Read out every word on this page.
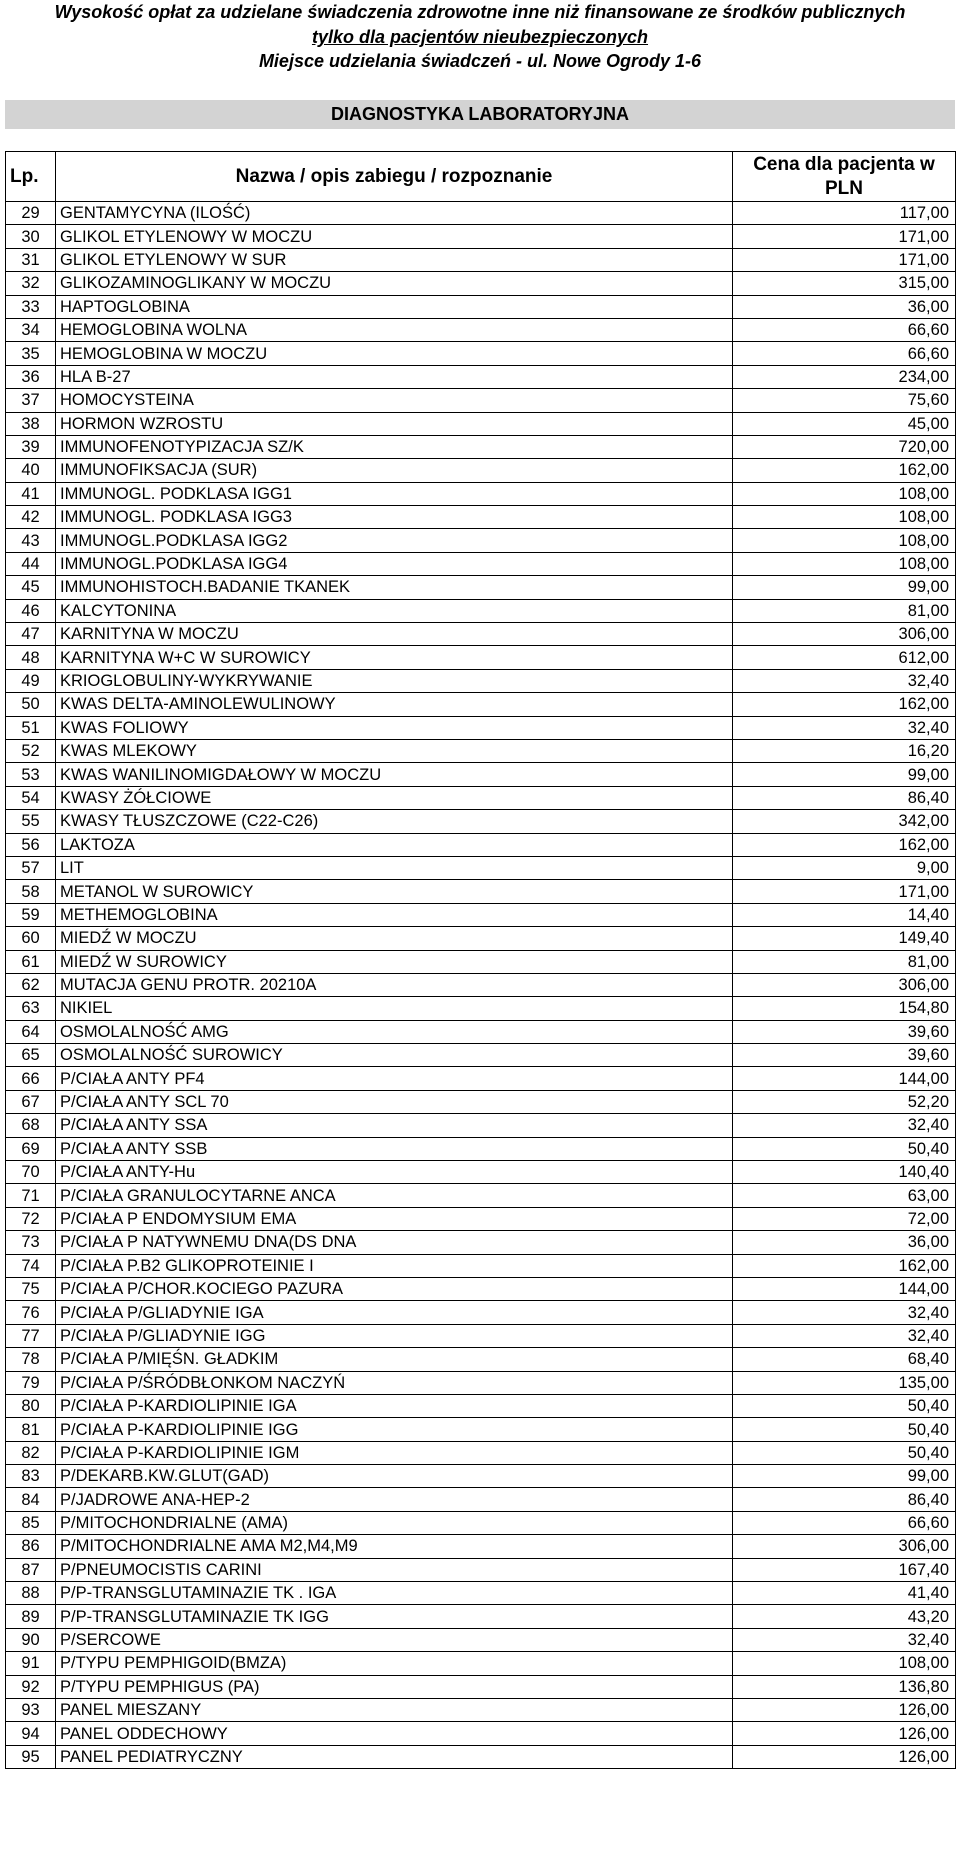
Wysokość opłat za udzielane świadczenia zdrowotne inne niż finansowane ze środków publicznych
tylko dla pacjentów nieubezpieczonych
Miejsce udzielania świadczeń - ul. Nowe Ogrody 1-6
DIAGNOSTYKA LABORATORYJNA
Lp.	Nazwa / opis zabiegu / rozpoznanie	Cena dla pacjenta w
PLN
29	GENTAMYCYNA (ILOŚĆ)	117,00
30	GLIKOL ETYLENOWY W MOCZU	171,00
31	GLIKOL ETYLENOWY W SUR	171,00
32	GLIKOZAMINOGLIKANY W MOCZU	315,00
33	HAPTOGLOBINA	36,00
34	HEMOGLOBINA WOLNA	66,60
35	HEMOGLOBINA W MOCZU	66,60
36	HLA B-27	234,00
37	HOMOCYSTEINA	75,60
38	HORMON WZROSTU	45,00
39	IMMUNOFENOTYPIZACJA SZ/K	720,00
40	IMMUNOFIKSACJA (SUR)	162,00
41	IMMUNOGL. PODKLASA IGG1	108,00
42	IMMUNOGL. PODKLASA IGG3	108,00
43	IMMUNOGL.PODKLASA IGG2	108,00
44	IMMUNOGL.PODKLASA IGG4	108,00
45	IMMUNOHISTOCH.BADANIE TKANEK	99,00
46	KALCYTONINA	81,00
47	KARNITYNA W MOCZU	306,00
48	KARNITYNA W+C W SUROWICY	612,00
49	KRIOGLOBULINY-WYKRYWANIE	32,40
50	KWAS DELTA-AMINOLEWULINOWY	162,00
51	KWAS FOLIOWY	32,40
52	KWAS MLEKOWY	16,20
53	KWAS WANILINOMIGDAŁOWY W MOCZU	99,00
54	KWASY ŻÓŁCIOWE	86,40
55	KWASY TŁUSZCZOWE (C22-C26)	342,00
56	LAKTOZA	162,00
57	LIT	9,00
58	METANOL W SUROWICY	171,00
59	METHEMOGLOBINA	14,40
60	MIEDŹ W MOCZU	149,40
61	MIEDŹ W SUROWICY	81,00
62	MUTACJA GENU PROTR. 20210A	306,00
63	NIKIEL	154,80
64	OSMOLALNOŚĆ AMG	39,60
65	OSMOLALNOŚĆ SUROWICY	39,60
66	P/CIAŁA ANTY PF4	144,00
67	P/CIAŁA ANTY SCL 70	52,20
68	P/CIAŁA ANTY SSA	32,40
69	P/CIAŁA ANTY SSB	50,40
70	P/CIAŁA ANTY-Hu	140,40
71	P/CIAŁA GRANULOCYTARNE ANCA	63,00
72	P/CIAŁA P ENDOMYSIUM EMA	72,00
73	P/CIAŁA P NATYWNEMU DNA(DS DNA	36,00
74	P/CIAŁA P.B2 GLIKOPROTEINIE I	162,00
75	P/CIAŁA P/CHOR.KOCIEGO PAZURA	144,00
76	P/CIAŁA P/GLIADYNIE IGA	32,40
77	P/CIAŁA P/GLIADYNIE IGG	32,40
78	P/CIAŁA P/MIĘŚN. GŁADKIM	68,40
79	P/CIAŁA P/ŚRÓDBŁONKOM NACZYŃ	135,00
80	P/CIAŁA P-KARDIOLIPINIE IGA	50,40
81	P/CIAŁA P-KARDIOLIPINIE IGG	50,40
82	P/CIAŁA P-KARDIOLIPINIE IGM	50,40
83	P/DEKARB.KW.GLUT(GAD)	99,00
84	P/JADROWE ANA-HEP-2	86,40
85	P/MITOCHONDRIALNE (AMA)	66,60
86	P/MITOCHONDRIALNE AMA M2,M4,M9	306,00
87	P/PNEUMOCISTIS CARINI	167,40
88	P/P-TRANSGLUTAMINAZIE TK . IGA	41,40
89	P/P-TRANSGLUTAMINAZIE TK IGG	43,20
90	P/SERCOWE	32,40
91	P/TYPU PEMPHIGOID(BMZA)	108,00
92	P/TYPU PEMPHIGUS (PA)	136,80
93	PANEL MIESZANY	126,00
94	PANEL ODDECHOWY	126,00
95	PANEL PEDIATRYCZNY	126,00
